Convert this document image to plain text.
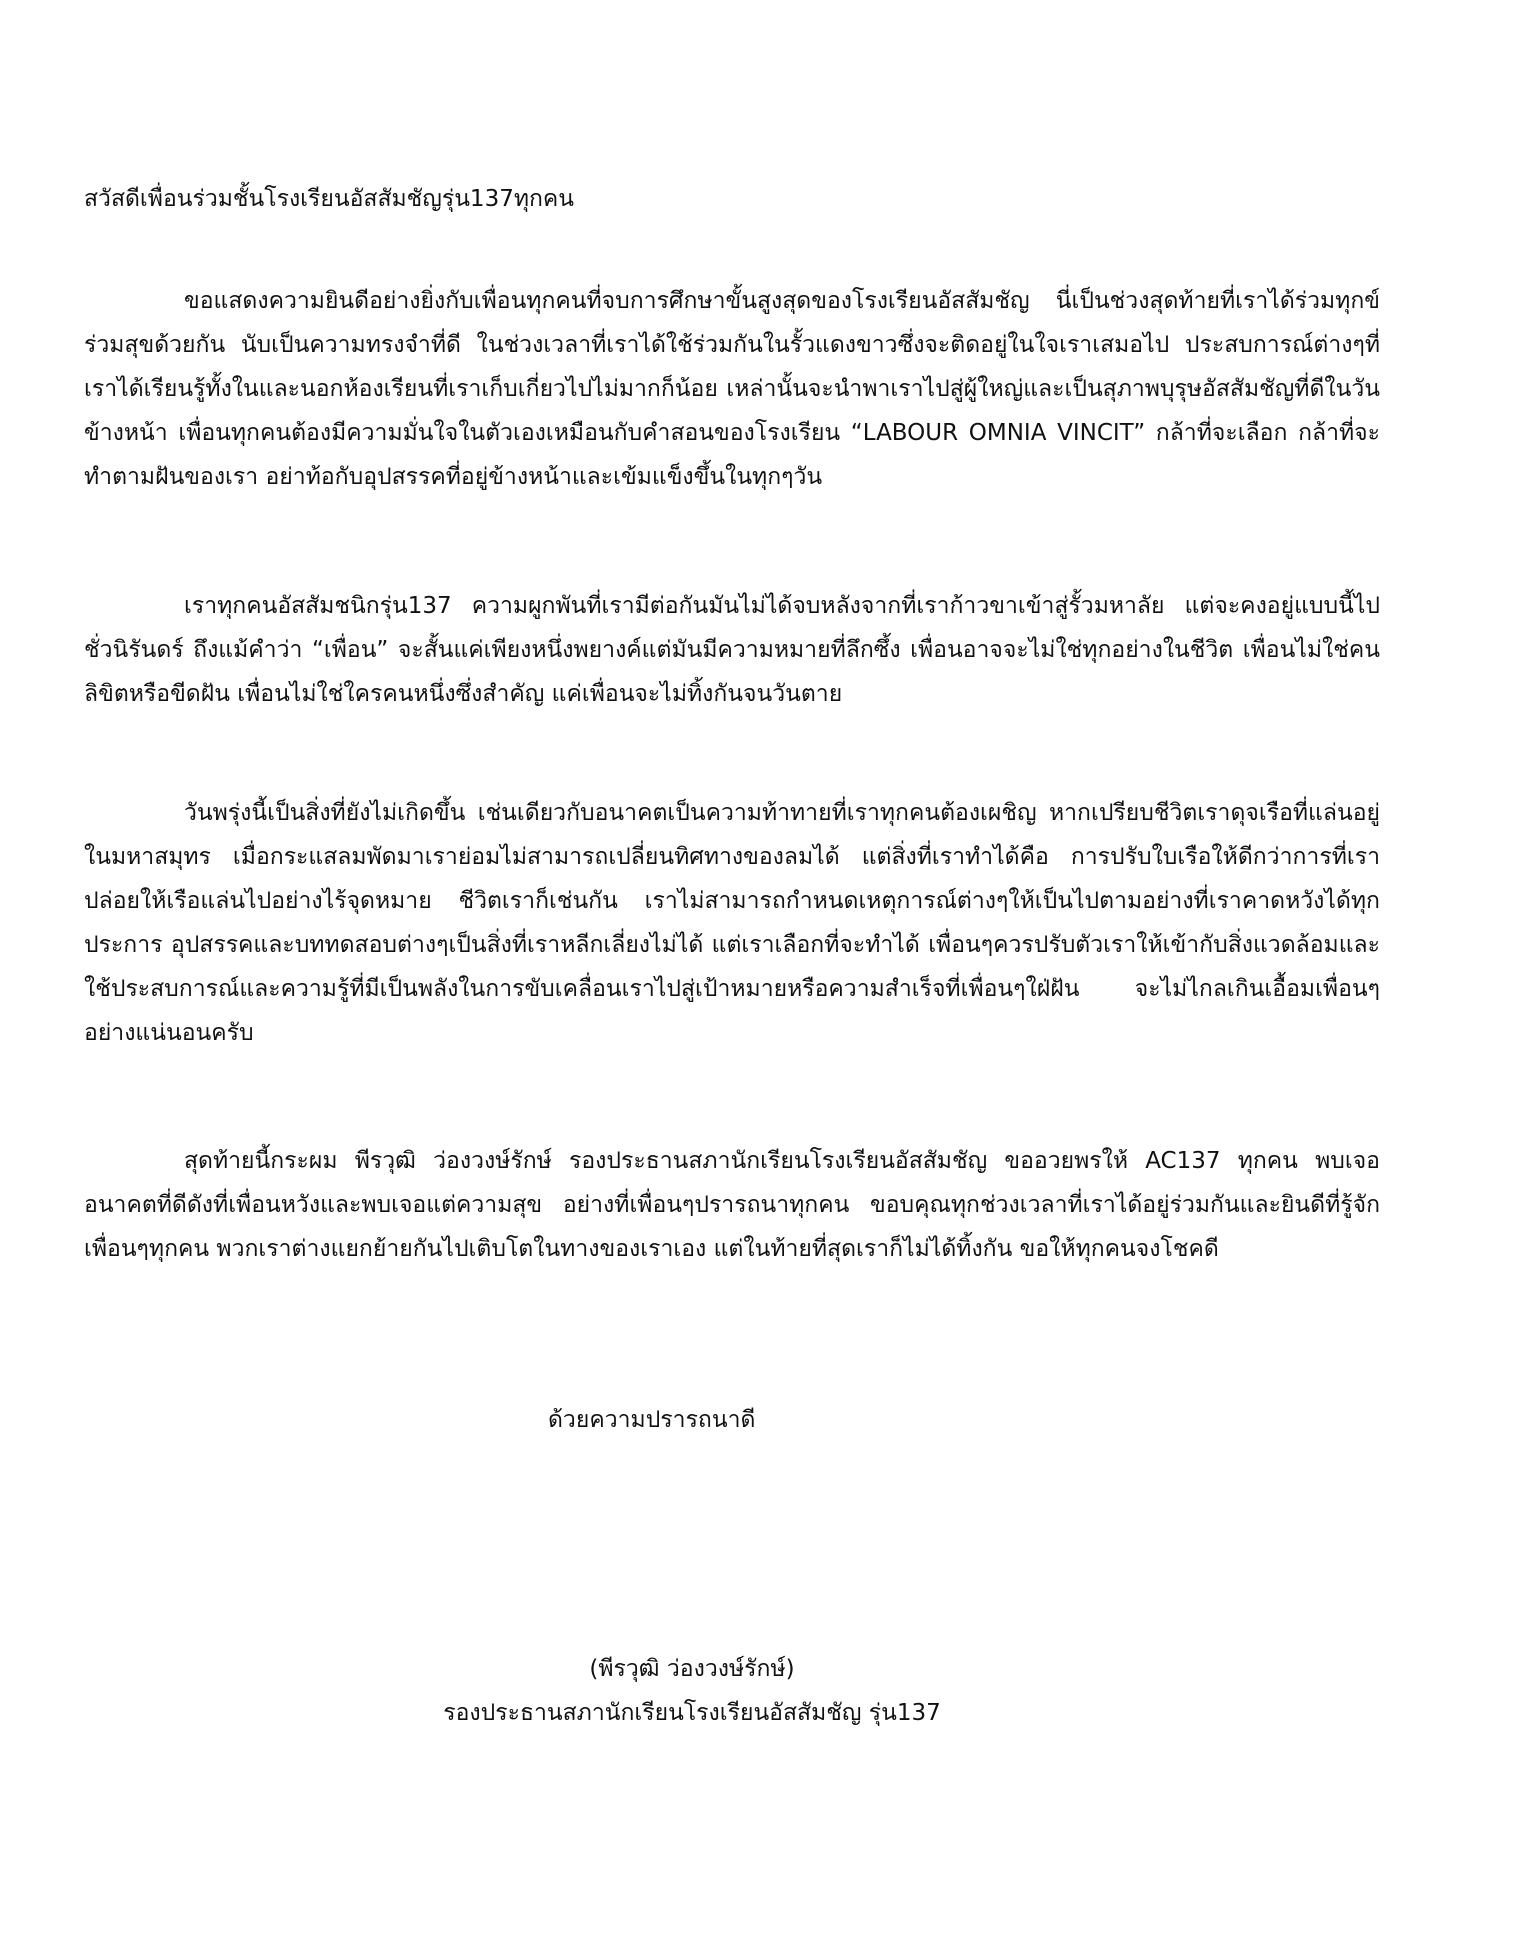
สวัสดีเพื่อนร่วมชั้นโรงเรียนอัสสัมชัญรุ่น137ทุกคน
ขอแสดงความยินดีอย่างยิ่งกับเพื่อนทุกคนที่จบการศึกษาขั้นสูงสุดของโรงเรียนอัสสัมชัญ นี่เป็นช่วงสุดท้ายที่เราได้ร่วมทุกข์ร่วมสุขด้วยกัน นับเป็นความทรงจำที่ดี ในช่วงเวลาที่เราได้ใช้ร่วมกันในรั้วแดงขาวซึ่งจะติดอยู่ในใจเราเสมอไป ประสบการณ์ต่างๆที่เราได้เรียนรู้ทั้งในและนอกห้องเรียนที่เราเก็บเกี่ยวไปไม่มากก็น้อย เหล่านั้นจะนำพาเราไปสู่ผู้ใหญ่และเป็นสุภาพบุรุษอัสสัมชัญที่ดีในวันข้างหน้า เพื่อนทุกคนต้องมีความมั่นใจในตัวเองเหมือนกับคำสอนของโรงเรียน “LABOUR OMNIA VINCIT” กล้าที่จะเลือก กล้าที่จะทำตามฝันของเรา อย่าท้อกับอุปสรรคที่อยู่ข้างหน้าและเข้มแข็งขึ้นในทุกๆวัน
เราทุกคนอัสสัมชนิกรุ่น137 ความผูกพันที่เรามีต่อกันมันไม่ได้จบหลังจากที่เราก้าวขาเข้าสู่รั้วมหาลัย แต่จะคงอยู่แบบนี้ไปชั่วนิรันดร์ ถึงแม้คำว่า “เพื่อน” จะสั้นแค่เพียงหนึ่งพยางค์แต่มันมีความหมายที่ลึกซึ้ง เพื่อนอาจจะไม่ใช่ทุกอย่างในชีวิต เพื่อนไม่ใช่คนลิขิตหรือขีดฝัน เพื่อนไม่ใช่ใครคนหนึ่งซึ่งสำคัญ แค่เพื่อนจะไม่ทิ้งกันจนวันตาย
วันพรุ่งนี้เป็นสิ่งที่ยังไม่เกิดขึ้น เช่นเดียวกับอนาคตเป็นความท้าทายที่เราทุกคนต้องเผชิญ หากเปรียบชีวิตเราดุจเรือที่แล่นอยู่ในมหาสมุทร เมื่อกระแสลมพัดมาเราย่อมไม่สามารถเปลี่ยนทิศทางของลมได้ แต่สิ่งที่เราทำได้คือ การปรับใบเรือให้ดีกว่าการที่เราปล่อยให้เรือแล่นไปอย่างไร้จุดหมาย ชีวิตเราก็เช่นกัน เราไม่สามารถกำหนดเหตุการณ์ต่างๆให้เป็นไปตามอย่างที่เราคาดหวังได้ทุกประการ อุปสรรคและบททดสอบต่างๆเป็นสิ่งที่เราหลีกเลี่ยงไม่ได้ แต่เราเลือกที่จะทำได้ เพื่อนๆควรปรับตัวเราให้เข้ากับสิ่งแวดล้อมและใช้ประสบการณ์และความรู้ที่มีเป็นพลังในการขับเคลื่อนเราไปสู่เป้าหมายหรือความสำเร็จที่เพื่อนๆใฝ่ฝัน จะไม่ไกลเกินเอื้อมเพื่อนๆอย่างแน่นอนครับ
สุดท้ายนี้กระผม พีรวุฒิ ว่องวงษ์รักษ์ รองประธานสภานักเรียนโรงเรียนอัสสัมชัญ ขออวยพรให้ AC137 ทุกคน พบเจออนาคตที่ดีดังที่เพื่อนหวังและพบเจอแต่ความสุข อย่างที่เพื่อนๆปรารถนาทุกคน ขอบคุณทุกช่วงเวลาที่เราได้อยู่ร่วมกันและยินดีที่รู้จักเพื่อนๆทุกคน พวกเราต่างแยกย้ายกันไปเติบโตในทางของเราเอง แต่ในท้ายที่สุดเราก็ไม่ได้ทิ้งกัน ขอให้ทุกคนจงโชคดี
ด้วยความปรารถนาดี
(พีรวุฒิ ว่องวงษ์รักษ์)
รองประธานสภานักเรียนโรงเรียนอัสสัมชัญ รุ่น137
